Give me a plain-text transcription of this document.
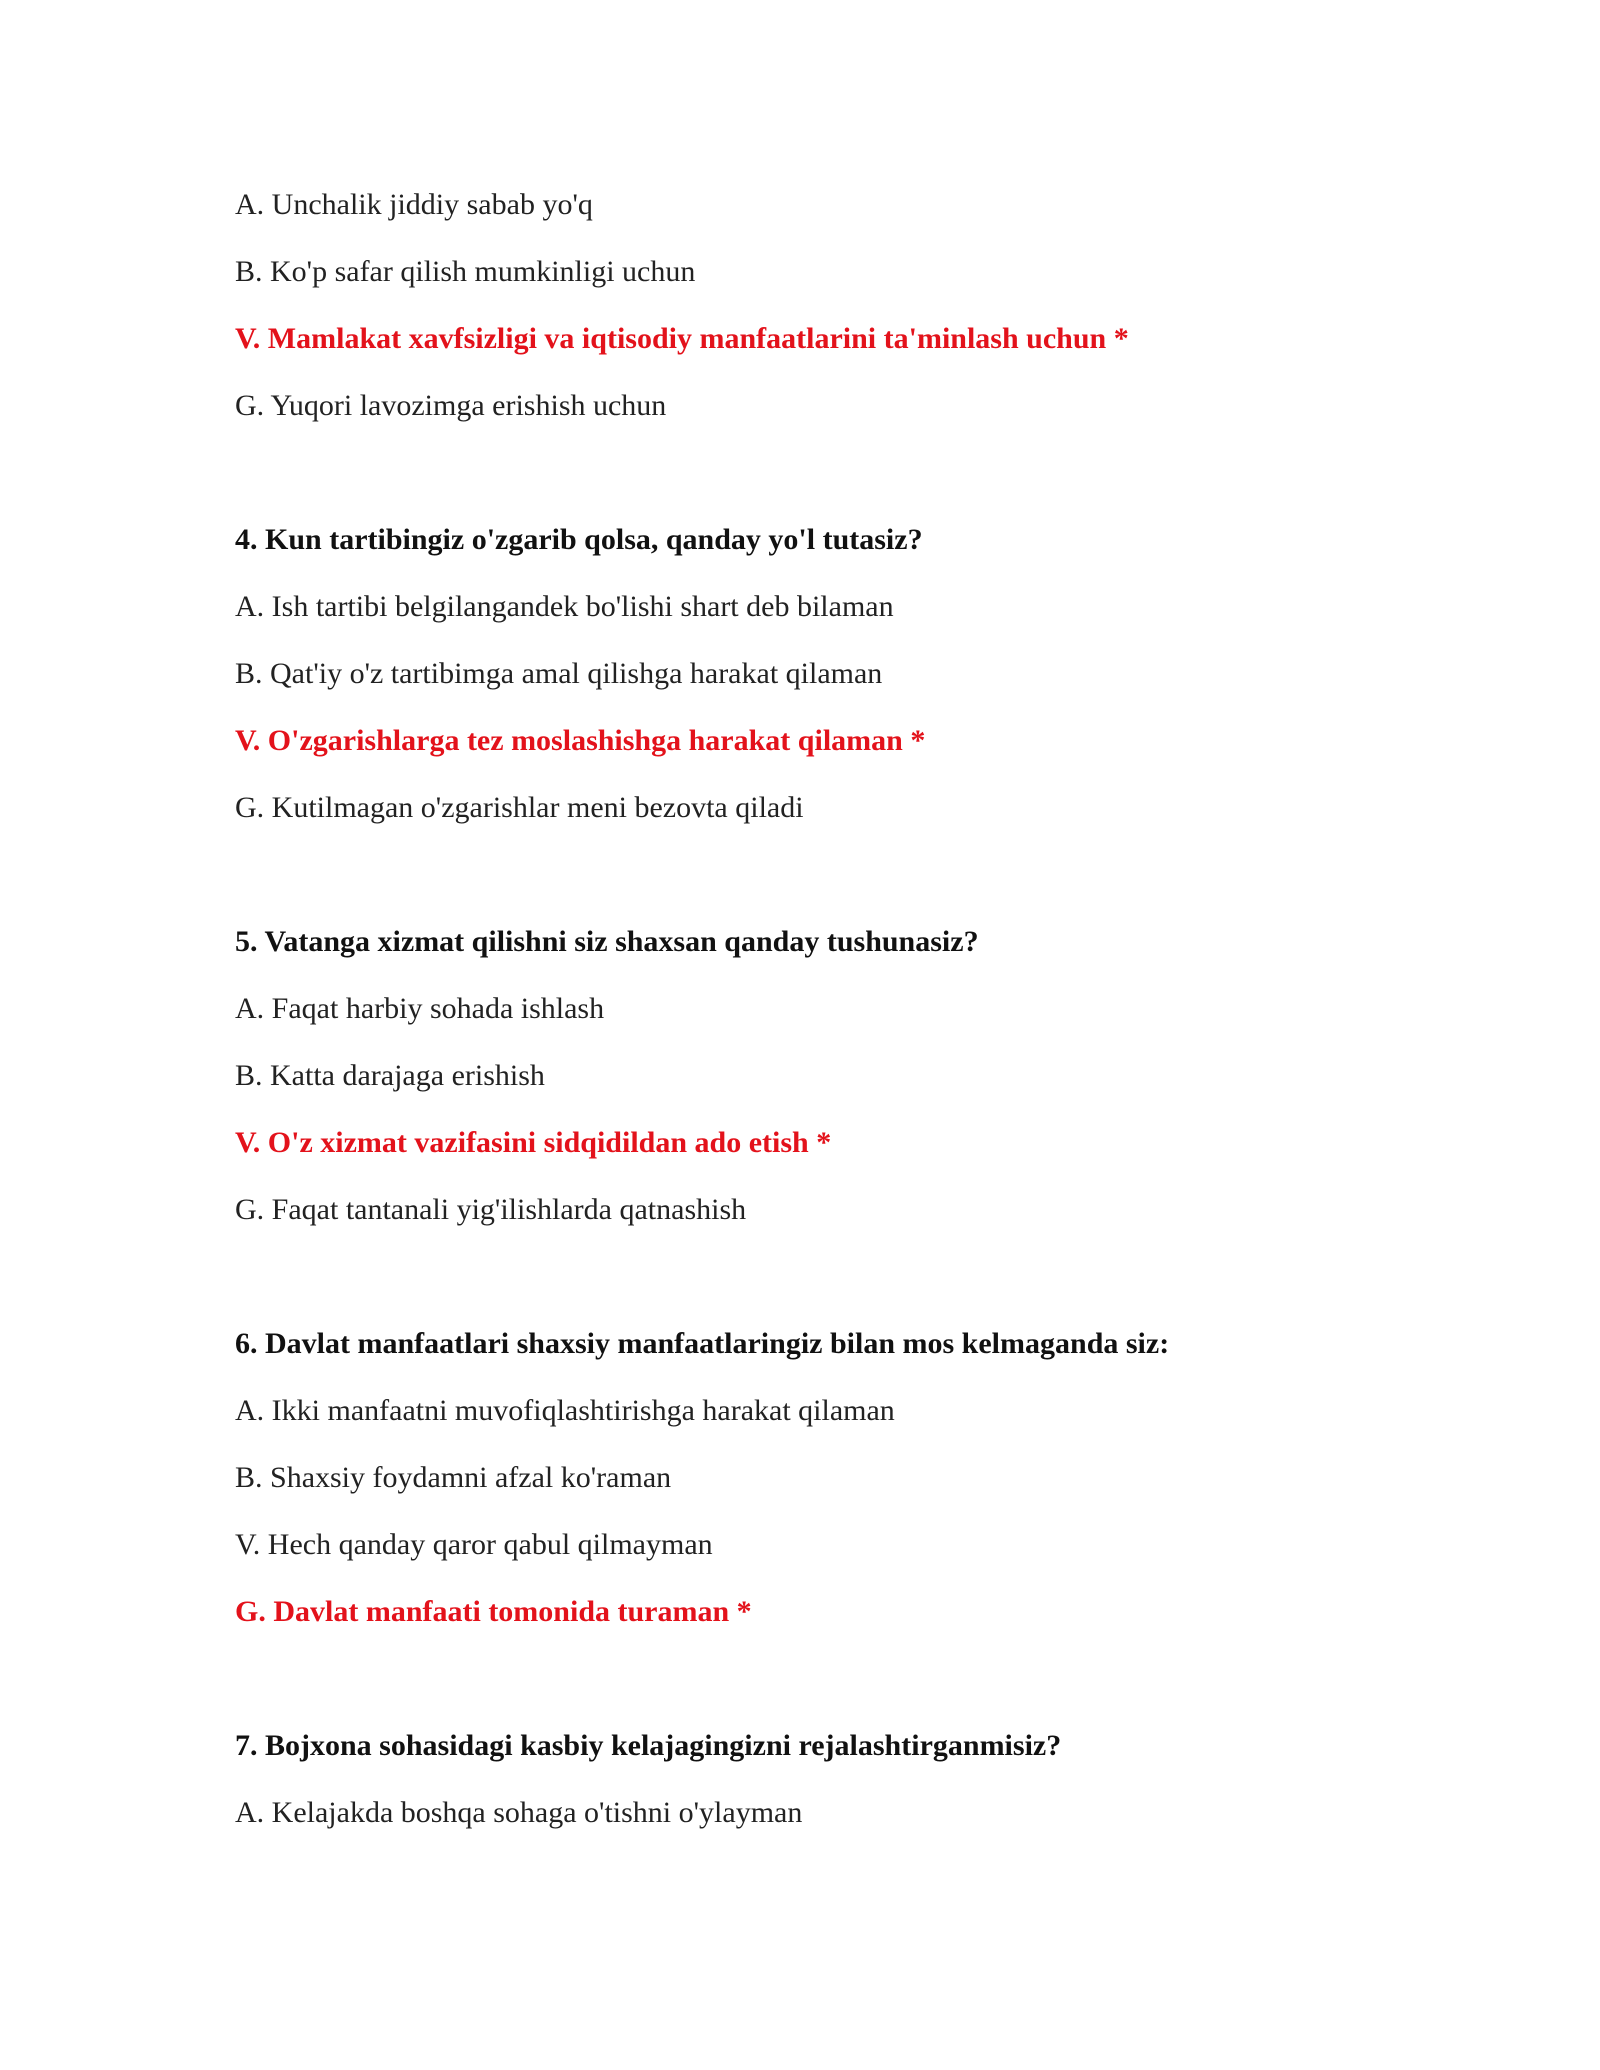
A. Unchalik jiddiy sabab yo'q
B. Ko'p safar qilish mumkinligi uchun
V. Mamlakat xavfsizligi va iqtisodiy manfaatlarini ta'minlash uchun *
G. Yuqori lavozimga erishish uchun
4. Kun tartibingiz o'zgarib qolsa, qanday yo'l tutasiz?
A. Ish tartibi belgilangandek bo'lishi shart deb bilaman
B. Qat'iy o'z tartibimga amal qilishga harakat qilaman
V. O'zgarishlarga tez moslashishga harakat qilaman *
G. Kutilmagan o'zgarishlar meni bezovta qiladi
5. Vatanga xizmat qilishni siz shaxsan qanday tushunasiz?
A. Faqat harbiy sohada ishlash
B. Katta darajaga erishish
V. O'z xizmat vazifasini sidqidildan ado etish *
G. Faqat tantanali yig'ilishlarda qatnashish
6. Davlat manfaatlari shaxsiy manfaatlaringiz bilan mos kelmaganda siz:
A. Ikki manfaatni muvofiqlashtirishga harakat qilaman
B. Shaxsiy foydamni afzal ko'raman
V. Hech qanday qaror qabul qilmayman
G. Davlat manfaati tomonida turaman *
7. Bojxona sohasidagi kasbiy kelajagingizni rejalashtirganmisiz?
A. Kelajakda boshqa sohaga o'tishni o'ylayman
